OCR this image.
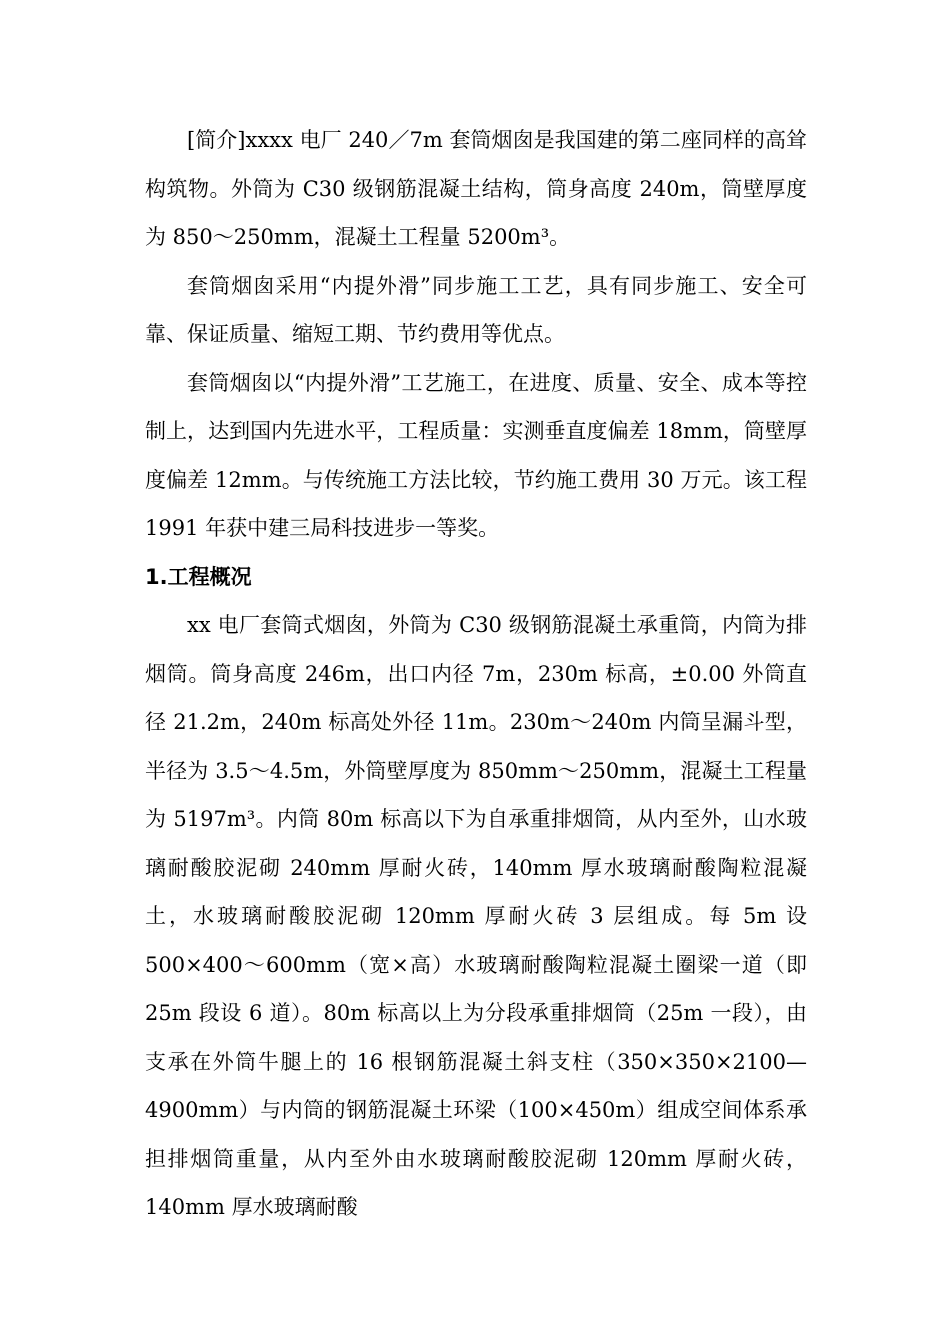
[简介]xxxx 电厂 240／7m 套筒烟囱是我国建的第二座同样的高耸构筑物。外筒为 C30 级钢筋混凝土结构，筒身高度 240m，筒壁厚度为 850～250mm，混凝土工程量 5200m³。

套筒烟囱采用“内提外滑”同步施工工艺，具有同步施工、安全可靠、保证质量、缩短工期、节约费用等优点。

套筒烟囱以“内提外滑”工艺施工，在进度、质量、安全、成本等控制上，达到国内先进水平，工程质量：实测垂直度偏差 18mm，筒壁厚度偏差 12mm。与传统施工方法比较，节约施工费用 30 万元。该工程 1991 年获中建三局科技进步一等奖。

1.工程概况

xx 电厂套筒式烟囱，外筒为 C30 级钢筋混凝土承重筒，内筒为排烟筒。筒身高度 246m，出口内径 7m，230m 标高，±0.00 外筒直径 21.2m，240m 标高处外径 11m。230m～240m 内筒呈漏斗型，半径为 3.5～4.5m，外筒壁厚度为 850mm～250mm，混凝土工程量为 5197m³。内筒 80m 标高以下为自承重排烟筒，从内至外，山水玻璃耐酸胶泥砌 240mm 厚耐火砖，140mm 厚水玻璃耐酸陶粒混凝土，水玻璃耐酸胶泥砌 120mm 厚耐火砖 3 层组成。每 5m 设 500×400～600mm（宽×高）水玻璃耐酸陶粒混凝土圈梁一道（即 25m 段设 6 道）。80m 标高以上为分段承重排烟筒（25m 一段），由支承在外筒牛腿上的 16 根钢筋混凝土斜支柱（350×350×2100—4900mm）与内筒的钢筋混凝土环梁（100×450m）组成空间体系承担排烟筒重量，从内至外由水玻璃耐酸胶泥砌 120mm 厚耐火砖，140mm 厚水玻璃耐酸
